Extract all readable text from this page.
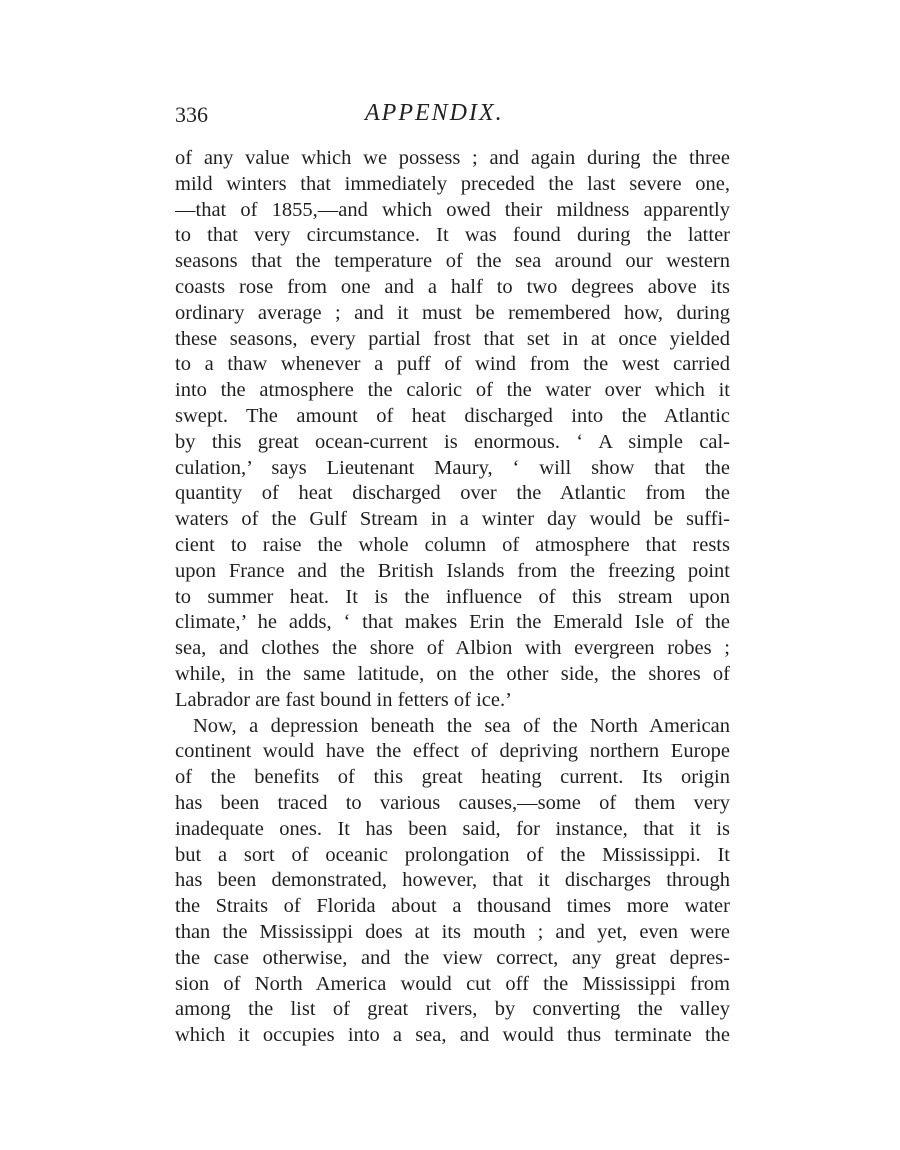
336	APPENDIX.
of any value which we possess ; and again during the three
mild winters that immediately preceded the last severe one,
—that of 1855,—and which owed their mildness apparently
to that very circumstance. It was found during the latter
seasons that the temperature of the sea around our western
coasts rose from one and a half to two degrees above its
ordinary average ; and it must be remembered how, during
these seasons, every partial frost that set in at once yielded
to a thaw whenever a puff of wind from the west carried
into the atmosphere the caloric of the water over which it
swept. The amount of heat discharged into the Atlantic
by this great ocean-current is enormous. ‘ A simple cal-
culation,’ says Lieutenant Maury, ‘ will show that the
quantity of heat discharged over the Atlantic from the
waters of the Gulf Stream in a winter day would be suffi-
cient to raise the whole column of atmosphere that rests
upon France and the British Islands from the freezing point
to summer heat. It is the influence of this stream upon
climate,’ he adds, ‘ that makes Erin the Emerald Isle of the
sea, and clothes the shore of Albion with evergreen robes ;
while, in the same latitude, on the other side, the shores of
Labrador are fast bound in fetters of ice.’
Now, a depression beneath the sea of the North American
continent would have the effect of depriving northern Europe
of the benefits of this great heating current. Its origin
has been traced to various causes,—some of them very
inadequate ones. It has been said, for instance, that it is
but a sort of oceanic prolongation of the Mississippi. It
has been demonstrated, however, that it discharges through
the Straits of Florida about a thousand times more water
than the Mississippi does at its mouth ; and yet, even were
the case otherwise, and the view correct, any great depres-
sion of North America would cut off the Mississippi from
among the list of great rivers, by converting the valley
which it occupies into a sea, and would thus terminate the
